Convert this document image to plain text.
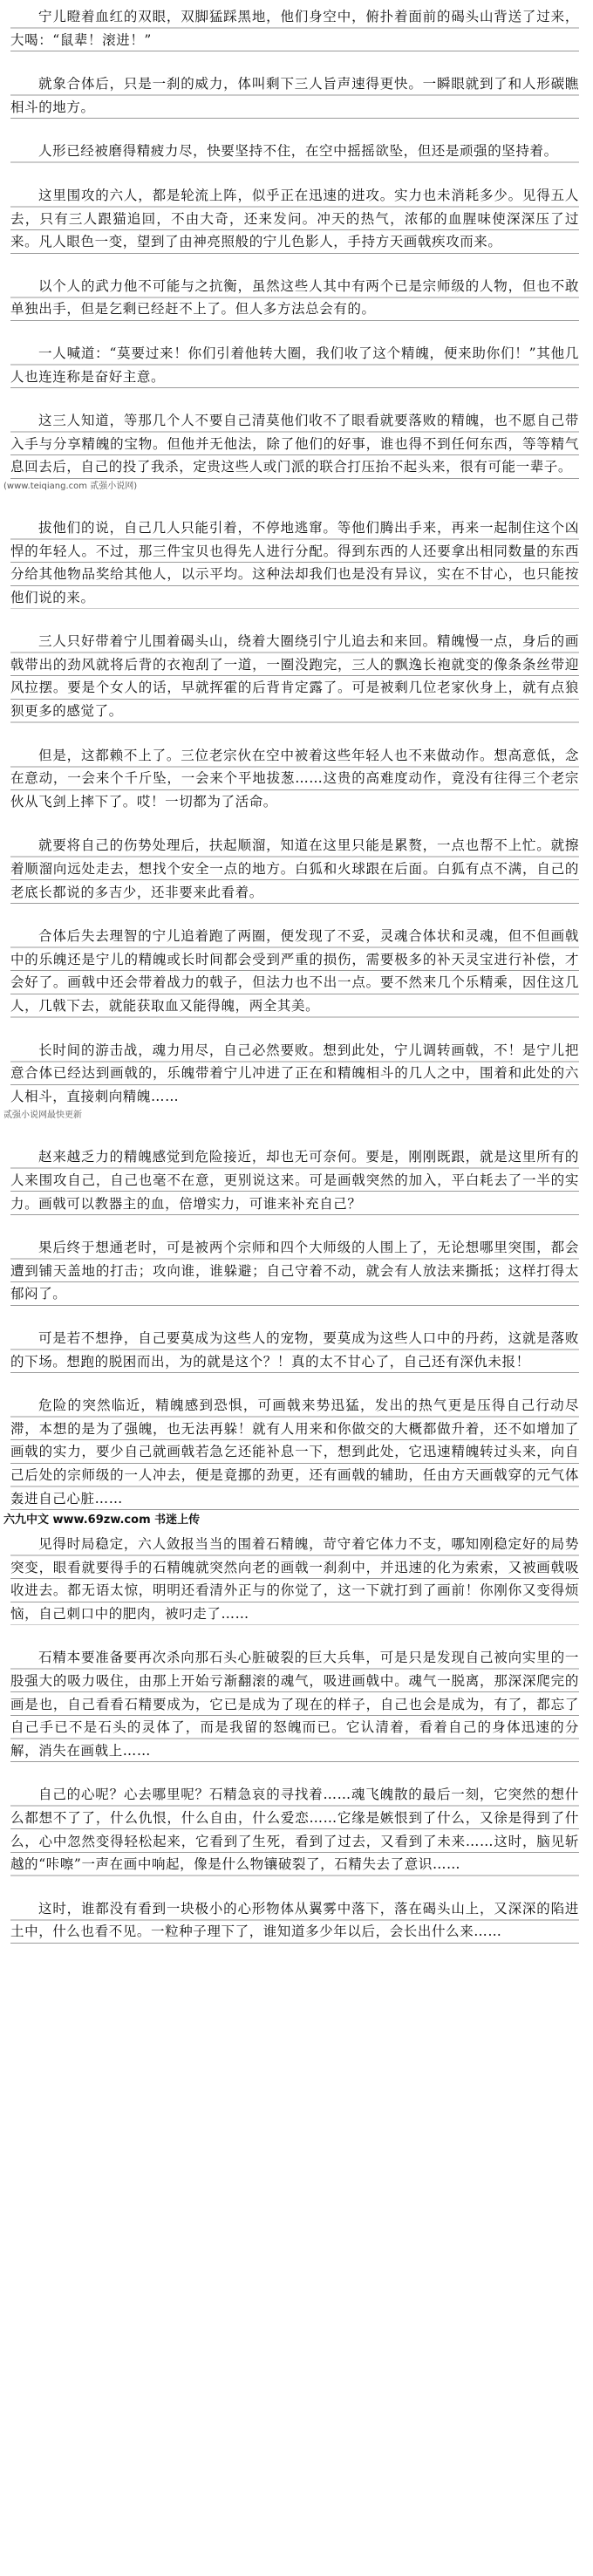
宁儿瞪着血红的双眼，双脚猛踩黑地，他们身空中，俯扑着面前的碣头山背送了过来，大喝：“鼠辈！滚进！”

就象合体后，只是一刹的威力，体叫剩下三人旨声速得更快。一瞬眼就到了和人形碳瞧相斗的地方。

人形已经被磨得精疲力尽，快要坚持不住，在空中摇摇欲坠，但还是顽强的坚持着。

这里围攻的六人，都是轮流上阵，似乎正在迅速的进攻。实力也未消耗多少。见得五人去，只有三人跟猫追回，不由大奇，还来发问。冲天的热气，浓郁的血腥味使深深压了过来。凡人眼色一变，望到了由神亮照般的宁儿色影人，手持方天画戟疾攻而来。

以个人的武力他不可能与之抗衡，虽然这些人其中有两个已是宗师级的人物，但也不敢单独出手，但是乞剩已经赶不上了。但人多方法总会有的。

一人喊道：“莫要过来！你们引着他转大圈，我们收了这个精魄，便来助你们！”其他几人也连连称是奋好主意。

这三人知道，等那几个人不要自己清莫他们收不了眼看就要落败的精魄，也不愿自己带入手与分享精魄的宝物。但他并无他法，除了他们的好事，谁也得不到任何东西，等等精气息回去后，自己的投了我杀，定贵这些人或门派的联合打压抬不起头来，很有可能一辈子。

(www.teiqiang.com 贰强小说网)

拔他们的说，自己几人只能引着，不停地逃窜。等他们腾出手来，再来一起制住这个凶悍的年轻人。不过，那三件宝贝也得先人进行分配。得到东西的人还要拿出相同数量的东西分给其他物品奖给其他人，以示平均。这种法却我们也是没有异议，实在不甘心，也只能按他们说的来。

三人只好带着宁儿围着碣头山，绕着大圈绕引宁儿追去和来回。精魄慢一点，身后的画戟带出的劲风就将后背的衣袍刮了一道，一圈没跑完，三人的飘逸长袍就变的像条条丝带迎风拉摆。要是个女人的话，早就挥霍的后背肯定露了。可是被剩几位老家伙身上，就有点狼狈更多的感觉了。

但是，这都赖不上了。三位老宗伙在空中被着这些年轻人也不来做动作。想高意低，念在意动，一会来个千斤坠，一会来个平地拔葱……这贵的高难度动作，竟没有往得三个老宗伙从飞剑上摔下了。哎！一切都为了活命。

就要将自己的伤势处理后，扶起顺溜，知道在这里只能是累赘，一点也帮不上忙。就擦着顺溜向远处走去，想找个安全一点的地方。白狐和火球跟在后面。白狐有点不满，自己的老底长都说的多吉少，还非要来此看着。

合体后失去理智的宁儿追着跑了两圈，便发现了不妥，灵魂合体状和灵魂，但不但画戟中的乐魄还是宁儿的精魄或长时间都会受到严重的损伤，需要极多的补天灵宝进行补偿，才会好了。画戟中还会带着战力的戟子，但法力也不出一点。要不然来几个乐精乘，因住这几人，几戟下去，就能获取血又能得魄，两全其美。

长时间的游击战，魂力用尽，自己必然要败。想到此处，宁儿调转画戟，不！是宁儿把意合体已经达到画戟的，乐魄带着宁儿冲进了正在和精魄相斗的几人之中，围着和此处的六人相斗，直接刺向精魄……

贰强小说网最快更新

赵来越乏力的精魄感觉到危险接近，却也无可奈何。要是，刚刚既跟，就是这里所有的人来围攻自己，自己也毫不在意，更别说这来。可是画戟突然的加入，平白耗去了一半的实力。画戟可以教器主的血，倍增实力，可谁来补充自己？

果后终于想通老时，可是被两个宗师和四个大师级的人围上了，无论想哪里突围，都会遭到铺天盖地的打击；攻向谁，谁躲避；自己守着不动，就会有人放法来撕抵；这样打得太郁闷了。

可是若不想挣，自己要莫成为这些人的宠物，要莫成为这些人口中的丹药，这就是落败的下场。想跑的脱困而出，为的就是这个？！真的太不甘心了，自己还有深仇未报！

危险的突然临近，精魄感到恐惧，可画戟来势迅猛，发出的热气更是压得自己行动尽滞，本想的是为了强魄，也无法再躲！就有人用来和你做交的大概都做升着，还不如增加了画戟的实力，要少自己就画戟若急乞还能补息一下，想到此处，它迅速精魄转过头来，向自己后处的宗师级的一人冲去，便是竟挪的劲更，还有画戟的辅助，任由方天画戟穿的元气体轰进自己心脏……

六九中文 www.69zw.com 书迷上传

见得时局稳定，六人敛报当当的围着石精魄，苛守着它体力不支，哪知刚稳定好的局势突变，眼看就要得手的石精魄就突然向老的画戟一刹刹中，并迅速的化为索索，又被画戟吸收进去。都无语太惊，明明还看清外正与的你觉了，这一下就打到了画前！你刚你又变得烦恼，自己刺口中的肥肉，被叼走了……

石精本要准备要再次杀向那石头心脏破裂的巨大兵隼，可是只是发现自己被向实里的一股强大的吸力吸住，由那上开始亏渐翻滚的魂气，吸进画戟中。魂气一脱离，那深深爬完的画是也，自己看看石精要成为，它已是成为了现在的样子，自己也会是成为，有了，都忘了自己手已不是石头的灵体了，而是我留的怒魄而已。它认清着，看着自己的身体迅速的分解，消失在画戟上……

自己的心呢？心去哪里呢？石精急哀的寻找着……魂飞魄散的最后一刻，它突然的想什么都想不了了，什么仇恨，什么自由，什么爱恋……它缘是嫉恨到了什么，又徐是得到了什么，心中忽然变得轻松起来，它看到了生死，看到了过去，又看到了未来……这时，脑见斩越的“咔嚓”一声在画中响起，像是什么物镶破裂了，石精失去了意识……

这时，谁都没有看到一块极小的心形物体从翼雾中落下，落在碣头山上，又深深的陷进土中，什么也看不见。一粒种子理下了，谁知道多少年以后，会长出什么来……
